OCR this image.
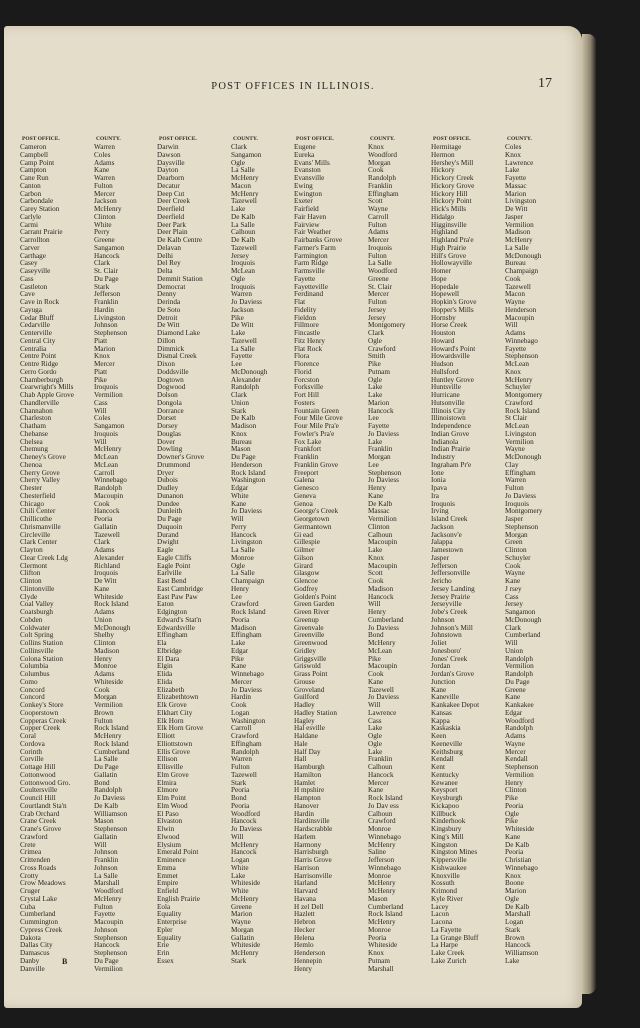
POST OFFICES IN ILLINOIS.	17
POST OFFICE.	COUNTY.
Cameron	Warren
Campbell	Coles
Camp Point	Adams
Campton	Kane
Cane Run	Warren
Canton	Fulton
Carbon	Mercer
Carbondale	Jackson
Carey Station	McHenry
Carlyle	Clinton
Carmi	White
Carrant Prairie	Perry
Carrollton	Greene
Carver	Sangamon
Carthage	Hancock
Casey	Clark
Caseyville	St. Clair
Cass	Du Page
Castleton	Stark
Cave	Jefferson
Cave in Rock	Franklin
Cayuga	Hardin
Cedar Bluff	Livingston
Cedarville	Johnson
Centerville	Stephenson
Central City	Piatt
Centralia	Marion
Centre Point	Knox
Centre Ridge	Mercer
Cerro Gordo	Piatt
Chamberburgh	Pike
Cearwright's Mills	Iroquois
Chab Apple Grove	Vermilion
Chandlerville	Cass
Channahon	Will
Charleston	Coles
Chatham	Sangamon
Chebanse	Iroquois
Chelsea	Will
Chemung	McHenry
Cheney's Grove	McLean
Chenoa	McLean
Cherry Grove	Carroll
Cherry Valley	Winnebago
Chester	Randolph
Chesterfield	Macoupin
Chicago	Cook
Chili Center	Hancock
Chillicothe	Peoria
Chrismanville	Gallatin
Circleville	Tazewell
Clark Center	Clark
Clayton	Adams
Clear Creek Ldg	Alexander
Clermont	Richland
Clifton	Iroquois
Clinton	De Witt
Clintonville	Kane
Clyde	Whiteside
Coal Valley	Rock Island
Coatsburgh	Adams
Cobden	Union
Coldwater	McDonough
Colt Spring	Shelby
Collins Station	Clinton
Collinsville	Madison
Colona Station	Henry
Columbia	Monroe
Columbus	Adams
Como	Whiteside
Concord	Cook
Concord	Morgan
Conkey's Store	Vermilion
Cooperstown	Brown
Copperas Creek	Fulton
Copper Creek	Rock Island
Coral	McHenry
Cordova	Rock Island
Corinth	Cumberland
Corville	La Salle
Cottage Hill	Du Page
Cottonwood	Gallatin
Cottonwood Gro.	Bond
Coultersville	Randolph
Council Hill	Jo Daviess
Courtlandt Sta'n	De Kalb
Crab Orchard	Williamson
Crane Creek	Mason
Crane's Grove	Stephenson
Crawford	Gallatin
Crete	Will
Crimea	Johnson
Crittenden	Franklin
Cross Roads	Johnson
Crotty	La Salle
Crow Meadows	Marshall
Cruger	Woodford
Crystal Lake	McHenry
Cuba	Fulton
Cumberland	Fayette
Cummington	Macoupin
Cypress Creek	Johnson
Dakota	Stephenson
Dallas City	Hancock
Damascus	Stephenson
Danby	Du Page
Danville	Vermilion
POST OFFICE.	COUNTY.
Darwin	Clark
Dawson	Sangamon
Daysville	Ogle
Dayton	La Salle
Dearborn	McHenry
Decatur	Macon
Deep Cut	McHenry
Deer Creek	Tazewell
Deerfield	Lake
Deerfield	De Kalb
Deer Park	La Salle
Deer Plain	Calhoun
De Kalb Centre	De Kalb
Delavan	Tazewell
Delhi	Jersey
Del Rey	Iroquois
Delta	McLean
Demmit Station	Ogle
Democrat	Iroquois
Denny	Warren
Derinda	Jo Daviess
De Soto	Jackson
Detroit	Pike
De Witt	De Witt
Diamond Lake	Lake
Dillon	Tazewell
Dimmick	La Salle
Dismal Creek	Fayette
Dixon	Lee
Doddsville	McDonough
Dogtown	Alexander
Dogwood	Randolph
Dolson	Clark
Dongola	Union
Dorrance	Stark
Dorset	De Kalb
Dorsey	Madison
Douglas	Knox
Dover	Bureau
Dowling	Mason
Downer's Grove	Du Page
Drummond	Henderson
Dryer	Rock Island
Dubois	Washington
Dudley	Edgar
Dunanon	White
Dundee	Kane
Dunleith	Jo Daviess
Du Page	Will
Duquoin	Perry
Durand	Hancock
Dwight	Livingston
Eagle	La Salle
Eagle Cliffs	Monroe
Eagle Point	Ogle
Earlville	La Salle
East Bend	Champaign
East Cambridge	Henry
East Paw Paw	Lee
Eaton	Crawford
Edgington	Rock Island
Edward's Stat'n	Peoria
Edwardsville	Madison
Effingham	Effingham
Ela	Lake
Elbridge	Edgar
El Dara	Pike
Elgin	Kane
Elida	Winnebago
Elida	Mercer
Elizabeth	Jo Daviess
Elizabethtown	Hardin
Elk Grove	Cook
Elkhart City	Logan
Elk Horn	Washington
Elk Horn Grove	Carroll
Elliott	Crawford
Elliottstown	Effingham
Ellis Grove	Randolph
Ellison	Warren
Ellisville	Fulton
Elm Grove	Tazewell
Elmira	Stark
Elmore	Peoria
Elm Point	Bond
Elm Wood	Peoria
El Paso	Woodford
Elvaston	Hancock
Elwin	Jo Daviess
Elwood	Will
Elysium	McHenry
Emerald Point	Hancock
Eminence	Logan
Emma	White
Emmet	Lake
Empire	Whiteside
Enfield	White
English Prairie	McHenry
Eola	Greene
Equality	Marion
Enterprise	Wayne
Epler	Morgan
Equality	Gallatin
Erie	Whiteside
Erin	McHenry
Essex	Stark
POST OFFICE.	COUNTY.
Eugene	Knox
Eureka	Woodford
Evans' Mills	Morgan
Evanston	Cook
Evansville	Randolph
Ewing	Franklin
Ewington	Effingham
Exeter	Scott
Fairfield	Wayne
Fair Haven	Carroll
Fairview	Fulton
Fair Weather	Adams
Fairbanks Grove	Mercer
Farmer's Farm	Iroquois
Farmington	Fulton
Farm Ridge	La Salle
Farmsville	Woodford
Fayette	Greene
Fayetteville	St. Clair
Ferdinand	Mercer
Flat	Fulton
Fidelity	Jersey
Fieldon	Jersey
Fillmore	Montgomery
Fincastle	Clark
Fitz Henry	Ogle
Flat Rock	Crawford
Flora	Smith
Florence	Pike
Florid	Putnam
Forcston	Ogle
Forksville	Lake
Fort Hill	Lake
Fosters	Marion
Fountain Green	Hancock
Four Mile Grove	Lee
Four Mile Pra'e	Fayette
Fowler's Pra'e	Jo Daviess
Fox Lake	Lake
Frankfort	Franklin
Franklin	Morgan
Franklin Grove	Lee
Freeport	Stephenson
Galena	Jo Daviess
Genesco	Henry
Geneva	Kane
Genoa	De Kalb
George's Creek	Massac
Georgetown	Vermilion
Germantown	Clinton
Gi ead	Calhoun
Gillespie	Macoupin
Gilmer	Lake
Gilson	Knox
Girard	Macoupin
Glasgow	Scott
Glencoe	Cook
Godfrey	Madison
Golden's Point	Hancock
Green Garden	Will
Green River	Henry
Greenup	Cumberland
Greenvale	Jo Daviess
Greenville	Bond
Greenwood	McHenry
Gridley	McLean
Griggsville	Pike
Griswold	Macoupin
Grass Point	Cook
Grouse	Kane
Groveland	Tazewell
Guilford	Jo Daviess
Hadley	Will
Hadley Station	Lawrence
Hagley	Cass
Hal esville	Lake
Haldane	Ogle
Hale	Ogle
Half Day	Lake
Hall	Franklin
Hamburgh	Calhoun
Hamilton	Hancock
Hamlet	Mercer
H mpshire	Kane
Hampton	Rock Island
Hanover	Jo Dav ess
Hardin	Calhoun
Hardinsville	Crawford
Hardscrabble	Monroe
Harlem	Winnebago
Harmony	McHenry
Harrisburgh	Saline
Harris Grove	Jefferson
Harrison	Winnebago
Harrisonville	Monroe
Harland	McHenry
Harvard	McHenry
Havana	Mason
H zel Dell	Cumberland
Hazlett	Rock Island
Hebron	McHenry
Hecker	Monroe
Helena	Peoria
Hemlo	Whiteside
Henderson	Knox
Hennepin	Putnam
Henry	Marshall
POST OFFICE.	COUNTY.
Hermitage	Coles
Hermon	Knox
Hershey's Mill	Lawrence
Hickory	Lake
Hickory Creek	Fayette
Hickory Grove	Massac
Hickory Hill	Marion
Hickory Point	Livingston
Hick's Mills	De Witt
Hidalgo	Jasper
Higginsville	Vermilion
Highland	Madison
Highland Pra'e	McHenry
High Prairie	La Salle
Hill's Grove	McDonough
Hollowayville	Bureau
Homer	Champaign
Hope	Cook
Hopedale	Tazewell
Hopewell	Macon
Hopkin's Grove	Wayne
Hopper's Mills	Henderson
Hornsby	Macoupin
Horse Creek	Will
Houston	Adams
Howard	Winnebago
Howard's Point	Fayette
Howardsville	Stephenson
Hudson	McLean
Hullsford	Knox
Huntley Grove	McHenry
Huntsville	Schuyler
Hurricane	Montgomery
Hutsonville	Crawford
Illinois City	Rock Island
Illinoistown	St Clair
Independence	McLean
Indian Grove	Livingston
Indianola	Vermilion
Indian Prairie	Wayne
Industry	McDonough
Ingraham Pr'e	Clay
Ione	Effingham
Ionia	Warren
Ipava	Fulton
Ira	Jo Daviess
Iroquois	Iroquois
Irving	Montgomery
Island Creek	Jasper
Jackson	Stephenson
Jacksonv'e	Morgan
Jalappa	Green
Jamestown	Clinton
Jasper	Schuyler
Jefferson	Cook
Jeffersonville	Wayne
Jericho	Kane
Jersey Landing	J rsey
Jersey Prairie	Cass
Jerseyville	Jersey
Jobe's Creek	Sangamon
Johnson	McDonough
Johnson's Mill	Clark
Johnstown	Cumberland
Joliet	Will
Jonesboro'	Union
Jones' Creek	Randolph
Jordan	Vermilion
Jordan's Grove	Randolph
Junction	Du Page
Kane	Greene
Kaneville	Kane
Kankakee Depot	Kankakee
Kansas	Edgar
Kappa	Woodford
Kaskaskia	Randolph
Keen	Adams
Keeneville	Wayne
Keithsburg	Mercer
Kendall	Kendall
Kent	Stephenson
Kentucky	Vermilion
Kewanee	Henry
Keysport	Clinton
Keysburgh	Pike
Kickapoo	Peoria
Killbuck	Ogle
Kinderhook	Pike
Kingsbury	Whiteside
King's Mill	Kane
Kingston	De Kalb
Kingston Mines	Peoria
Kippersville	Christian
Kishwaukee	Winnebago
Knoxville	Knox
Kossuth	Boone
Krimond	Marion
Kyle River	Ogle
Lacey	De Kalb
Lacon	Marshall
Lacona	Logan
La Fayette	Stark
La Grange Bluff	Brown
La Harpe	Hancock
Lake Creek	Williamson
Lake Zurich	Lake
B
